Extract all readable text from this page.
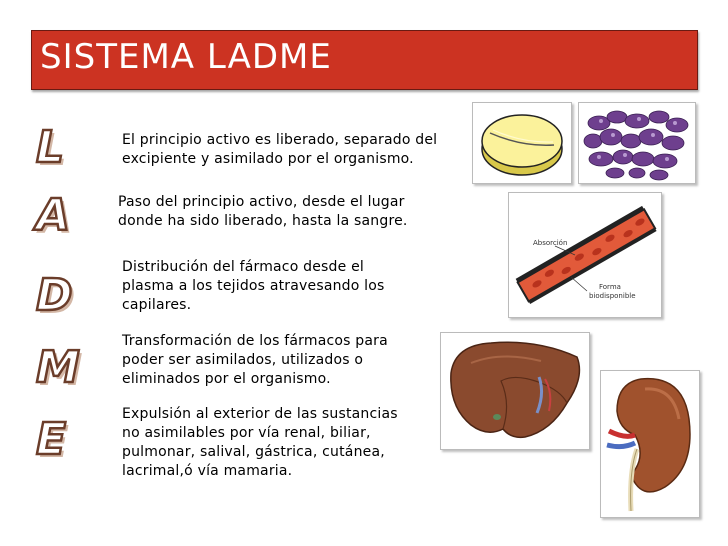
SISTEMA LADME
L
A
D
M
E
El principio activo es liberado, separado del
excipiente y asimilado por el organismo.
Paso del principio activo, desde el lugar
donde ha sido liberado, hasta la sangre.
Distribución del fármaco desde el
plasma a los tejidos atravesando los
capilares.
Transformación de los fármacos para
poder ser asimilados, utilizados o
eliminados por el organismo.
Expulsión al exterior de las sustancias
no asimilables por vía renal, biliar,
pulmonar, salival, gástrica, cutánea,
lacrimal,ó vía mamaria.
Absorción
Forma
biodisponible
